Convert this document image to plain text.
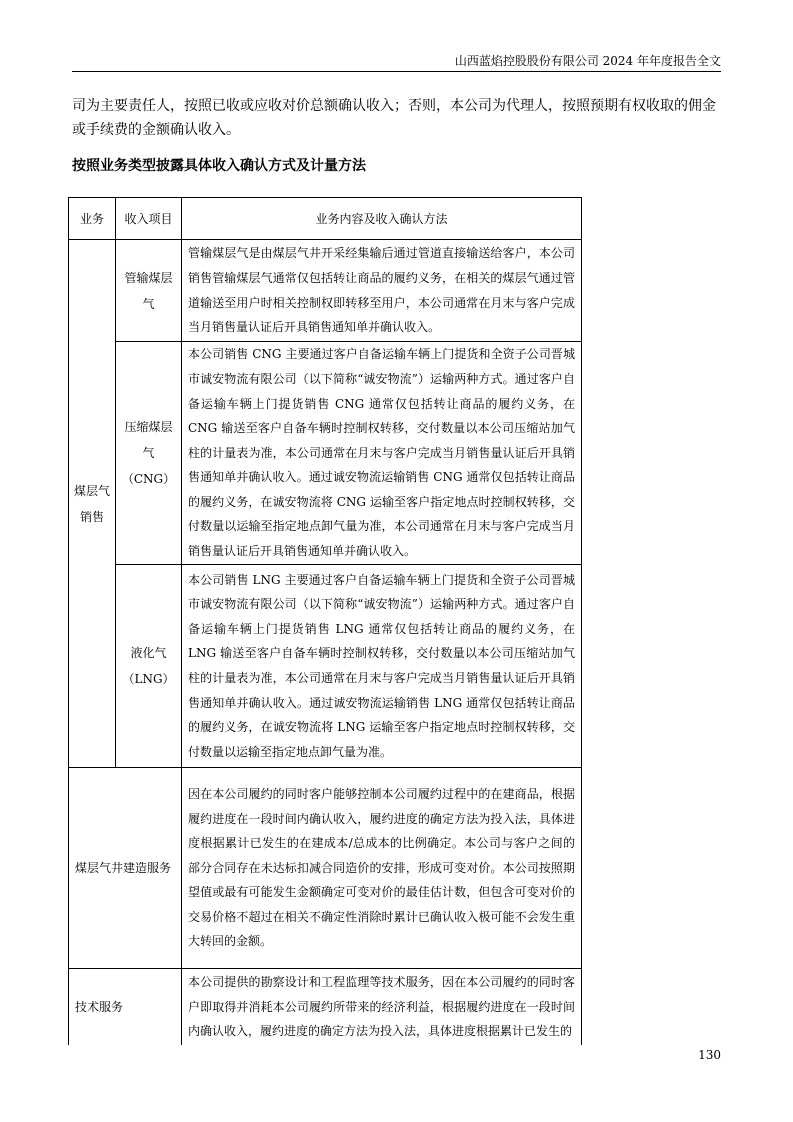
山西蓝焰控股股份有限公司 2024 年年度报告全文

司为主要责任人，按照已收或应收对价总额确认收入；否则，本公司为代理人，按照预期有权收取的佣金或手续费的金额确认收入。

按照业务类型披露具体收入确认方式及计量方法
业务	收入项目	业务内容及收入确认方法
煤层气销售	管输煤层气	管输煤层气是由煤层气井开采经集输后通过管道直接输送给客户，本公司销售管输煤层气通常仅包括转让商品的履约义务，在相关的煤层气通过管道输送至用户时相关控制权即转移至用户，本公司通常在月末与客户完成当月销售量认证后开具销售通知单并确认收入。
	压缩煤层气（CNG）	本公司销售 CNG 主要通过客户自备运输车辆上门提货和全资子公司晋城市诚安物流有限公司（以下简称“诚安物流”）运输两种方式。通过客户自备运输车辆上门提货销售 CNG 通常仅包括转让商品的履约义务，在 CNG 输送至客户自备车辆时控制权转移，交付数量以本公司压缩站加气柱的计量表为准，本公司通常在月末与客户完成当月销售量认证后开具销售通知单并确认收入。通过诚安物流运输销售 CNG 通常仅包括转让商品的履约义务，在诚安物流将 CNG 运输至客户指定地点时控制权转移，交付数量以运输至指定地点卸气量为准，本公司通常在月末与客户完成当月销售量认证后开具销售通知单并确认收入。
	液化气（LNG）	本公司销售 LNG 主要通过客户自备运输车辆上门提货和全资子公司晋城市诚安物流有限公司（以下简称“诚安物流”）运输两种方式。通过客户自备运输车辆上门提货销售 LNG 通常仅包括转让商品的履约义务，在 LNG 输送至客户自备车辆时控制权转移，交付数量以本公司压缩站加气柱的计量表为准，本公司通常在月末与客户完成当月销售量认证后开具销售通知单并确认收入。通过诚安物流运输销售 LNG 通常仅包括转让商品的履约义务，在诚安物流将 LNG 运输至客户指定地点时控制权转移，交付数量以运输至指定地点卸气量为准。
煤层气井建造服务		因在本公司履约的同时客户能够控制本公司履约过程中的在建商品，根据履约进度在一段时间内确认收入，履约进度的确定方法为投入法，具体进度根据累计已发生的在建成本/总成本的比例确定。本公司与客户之间的部分合同存在未达标扣减合同造价的安排，形成可变对价。本公司按照期望值或最有可能发生金额确定可变对价的最佳估计数，但包含可变对价的交易价格不超过在相关不确定性消除时累计已确认收入极可能不会发生重大转回的金额。
技术服务		本公司提供的勘察设计和工程监理等技术服务，因在本公司履约的同时客户即取得并消耗本公司履约所带来的经济利益，根据履约进度在一段时间内确认收入，履约进度的确定方法为投入法，具体进度根据累计已发生的
130
